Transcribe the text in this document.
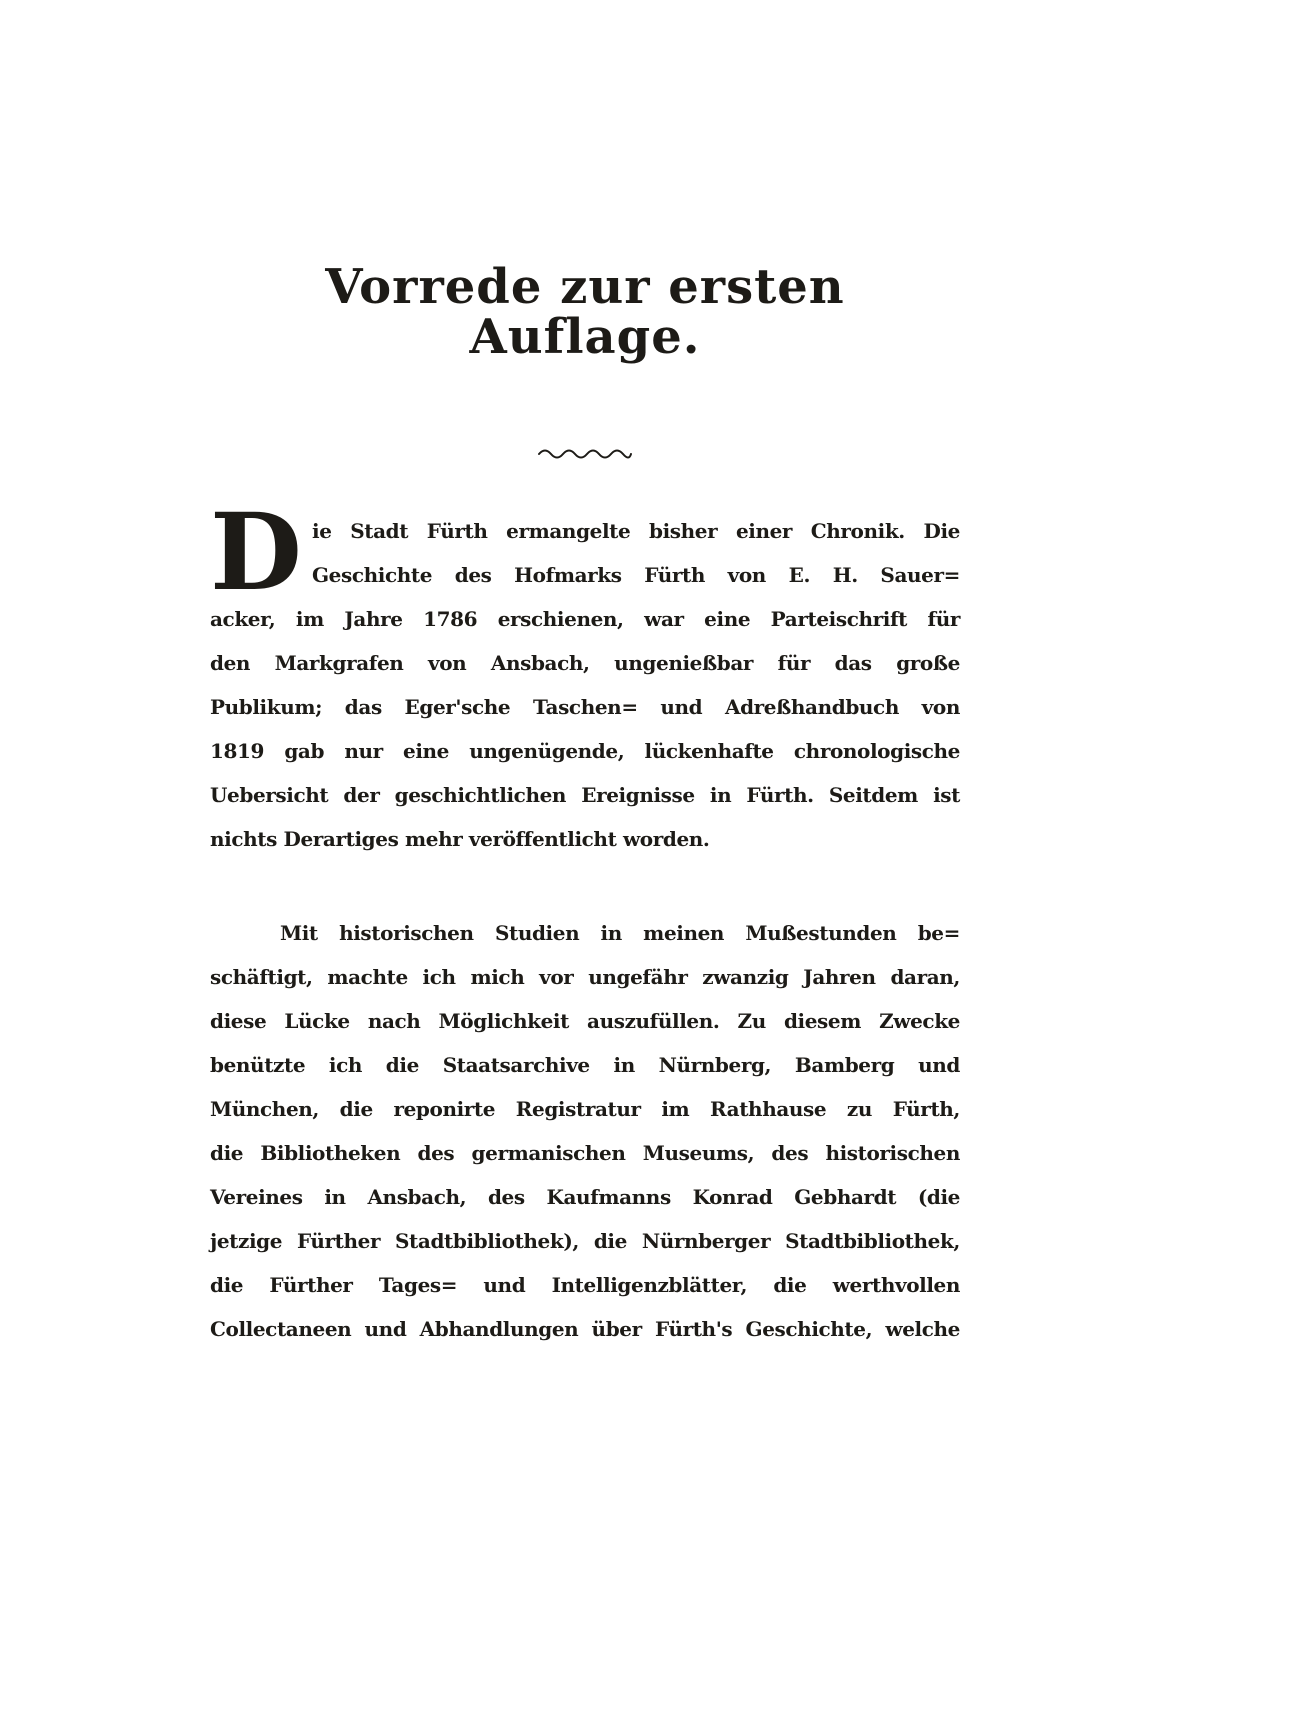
Vorrede zur ersten Auflage.
D ie Stadt Fürth ermangelte bisher einer Chronik. Die
Geschichte des Hofmarks Fürth von E. H. Sauer=
acker, im Jahre 1786 erschienen, war eine Parteischrift für
den Markgrafen von Ansbach, ungenießbar für das große
Publikum; das Eger'sche Taschen= und Adreßhandbuch von
1819 gab nur eine ungenügende, lückenhafte chronologische
Uebersicht der geschichtlichen Ereignisse in Fürth. Seitdem ist
nichts Derartiges mehr veröffentlicht worden.
Mit historischen Studien in meinen Mußestunden be=
schäftigt, machte ich mich vor ungefähr zwanzig Jahren daran,
diese Lücke nach Möglichkeit auszufüllen. Zu diesem Zwecke
benützte ich die Staatsarchive in Nürnberg, Bamberg und
München, die reponirte Registratur im Rathhause zu Fürth,
die Bibliotheken des germanischen Museums, des historischen
Vereines in Ansbach, des Kaufmanns Konrad Gebhardt (die
jetzige Fürther Stadtbibliothek), die Nürnberger Stadtbibliothek,
die Fürther Tages= und Intelligenzblätter, die werthvollen
Collectaneen und Abhandlungen über Fürth's Geschichte, welche
